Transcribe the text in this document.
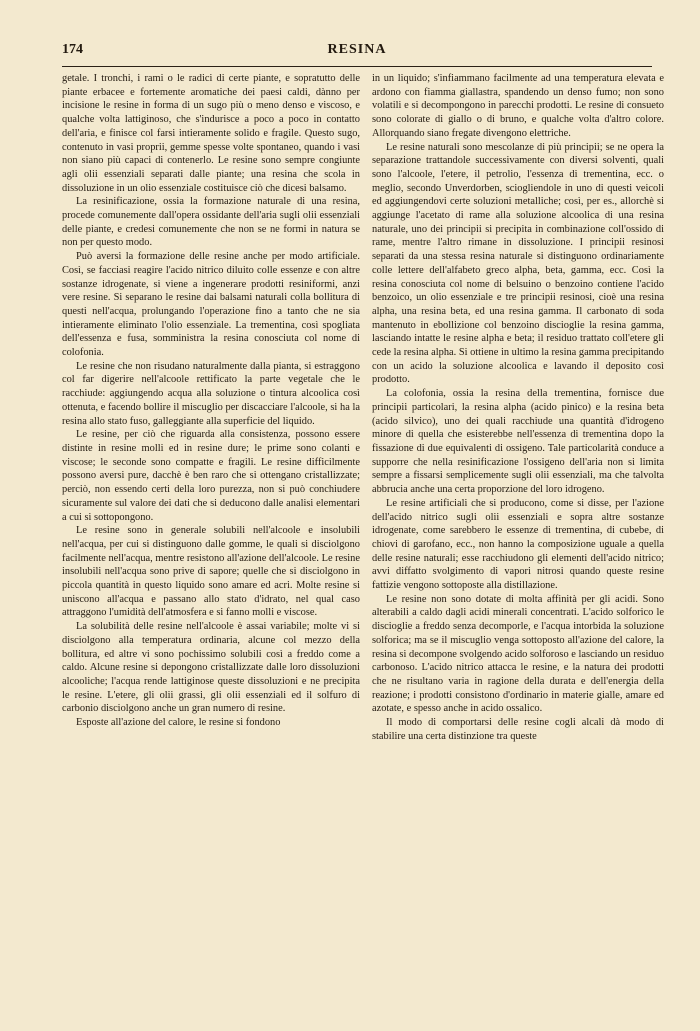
174	RESINA

getale. I tronchi, i rami o le radici di certe piante, e sopratutto delle piante erbacee e fortemente aromatiche dei paesi caldi, dànno per incisione le resine in forma di un sugo più o meno denso e viscoso, e qualche volta lattiginoso, che s'indurisce a poco a poco in contatto dell'aria, e finisce col farsi intieramente solido e fragile. Questo sugo, contenuto in vasi proprii, gemme spesse volte spontaneo, quando i vasi non siano più capaci di contenerlo. Le resine sono sempre congiunte agli olii essenziali separati dalle piante; una resina che scola in dissoluzione in un olio essenziale costituisce ciò che dicesi balsamo.

La resinificazione, ossia la formazione naturale di una resina, procede comunemente dall'opera ossidante dell'aria sugli olii essenziali delle piante, e credesi comunemente che non se ne formi in natura se non per questo modo.

Può aversi la formazione delle resine anche per modo artificiale. Così, se facciasi reagire l'acido nitrico diluito colle essenze e con altre sostanze idrogenate, si viene a ingenerare prodotti resiniformi, anzi vere resine. Si separano le resine dai balsami naturali colla bollitura di questi nell'acqua, prolungando l'operazione fino a tanto che ne sia intieramente eliminato l'olio essenziale. La trementina, così spogliata dell'essenza e fusa, somministra la resina conosciuta col nome di colofonia.

Le resine che non risudano naturalmente dalla pianta, si estraggono col far digerire nell'alcoole rettificato la parte vegetale che le racchiude: aggiungendo acqua alla soluzione o tintura alcoolica così ottenuta, e facendo bollire il miscuglio per discacciare l'alcoole, si ha la resina allo stato fuso, galleggiante alla superficie del liquido.

Le resine, per ciò che riguarda alla consistenza, possono essere distinte in resine molli ed in resine dure; le prime sono colanti e viscose; le seconde sono compatte e fragili. Le resine difficilmente possono aversi pure, dacchè è ben raro che si ottengano cristallizzate; perciò, non essendo certi della loro purezza, non si può conchiudere sicuramente sul valore dei dati che si deducono dalle analisi elementari a cui si sottopongono.

Le resine sono in generale solubili nell'alcoole e insolubili nell'acqua, per cui si distinguono dalle gomme, le quali si disciolgono facilmente nell'acqua, mentre resistono all'azione dell'alcoole. Le resine insolubili nell'acqua sono prive di sapore; quelle che si disciolgono in piccola quantità in questo liquido sono amare ed acri. Molte resine si uniscono all'acqua e passano allo stato d'idrato, nel qual caso attraggono l'umidità dell'atmosfera e si fanno molli e viscose.

La solubilità delle resine nell'alcoole è assai variabile; molte vi si disciolgono alla temperatura ordinaria, alcune col mezzo della bollitura, ed altre vi sono pochissimo solubili così a freddo come a caldo. Alcune resine si depongono cristallizzate dalle loro dissoluzioni alcooliche; l'acqua rende lattiginose queste dissoluzioni e ne precipita le resine. L'etere, gli olii grassi, gli olii essenziali ed il solfuro di carbonio disciolgono anche un gran numero di resine.

Esposte all'azione del calore, le resine si fondono

in un liquido; s'infiammano facilmente ad una temperatura elevata e ardono con fiamma giallastra, spandendo un denso fumo; non sono volatili e si decompongono in parecchi prodotti. Le resine di consueto sono colorate di giallo o di bruno, e qualche volta d'altro colore. Allorquando siano fregate divengono elettriche.

Le resine naturali sono mescolanze di più principii; se ne opera la separazione trattandole successivamente con diversi solventi, quali sono l'alcoole, l'etere, il petrolio, l'essenza di trementina, ecc. o meglio, secondo Unverdorben, sciogliendole in uno di questi veicoli ed aggiungendovi certe soluzioni metalliche; così, per es., allorchè si aggiunge l'acetato di rame alla soluzione alcoolica di una resina naturale, uno dei principii si precipita in combinazione coll'ossido di rame, mentre l'altro rimane in dissoluzione. I principii resinosi separati da una stessa resina naturale si distinguono ordinariamente colle lettere dell'alfabeto greco alpha, beta, gamma, ecc. Così la resina conosciuta col nome di belsuino o benzoino contiene l'acido benzoico, un olio essenziale e tre principii resinosi, cioè una resina alpha, una resina beta, ed una resina gamma. Il carbonato di soda mantenuto in ebollizione col benzoino discioglie la resina gamma, lasciando intatte le resine alpha e beta; il residuo trattato coll'etere gli cede la resina alpha. Si ottiene in ultimo la resina gamma precipitando con un acido la soluzione alcoolica e lavando il deposito così prodotto.

La colofonia, ossia la resina della trementina, fornisce due principii particolari, la resina alpha (acido pinico) e la resina beta (acido silvico), uno dei quali racchiude una quantità d'idrogeno minore di quella che esisterebbe nell'essenza di trementina dopo la fissazione di due equivalenti di ossigeno. Tale particolarità conduce a supporre che nella resinificazione l'ossigeno dell'aria non si limita sempre a fissarsi semplicemente sugli olii essenziali, ma che talvolta abbrucia anche una certa proporzione del loro idrogeno.

Le resine artificiali che si producono, come si disse, per l'azione dell'acido nitrico sugli olii essenziali e sopra altre sostanze idrogenate, come sarebbero le essenze di trementina, di cubebe, di chiovi di garofano, ecc., non hanno la composizione uguale a quella delle resine naturali; esse racchiudono gli elementi dell'acido nitrico; avvi diffatto svolgimento di vapori nitrosi quando queste resine fattizie vengono sottoposte alla distillazione.

Le resine non sono dotate di molta affinità per gli acidi. Sono alterabili a caldo dagli acidi minerali concentrati. L'acido solforico le discioglie a freddo senza decomporle, e l'acqua intorbida la soluzione solforica; ma se il miscuglio venga sottoposto all'azione del calore, la resina si decompone svolgendo acido solforoso e lasciando un residuo carbonoso. L'acido nitrico attacca le resine, e la natura dei prodotti che ne risultano varia in ragione della durata e dell'energia della reazione; i prodotti consistono d'ordinario in materie gialle, amare ed azotate, e spesso anche in acido ossalico.

Il modo di comportarsi delle resine cogli alcali dà modo di stabilire una certa distinzione tra queste
